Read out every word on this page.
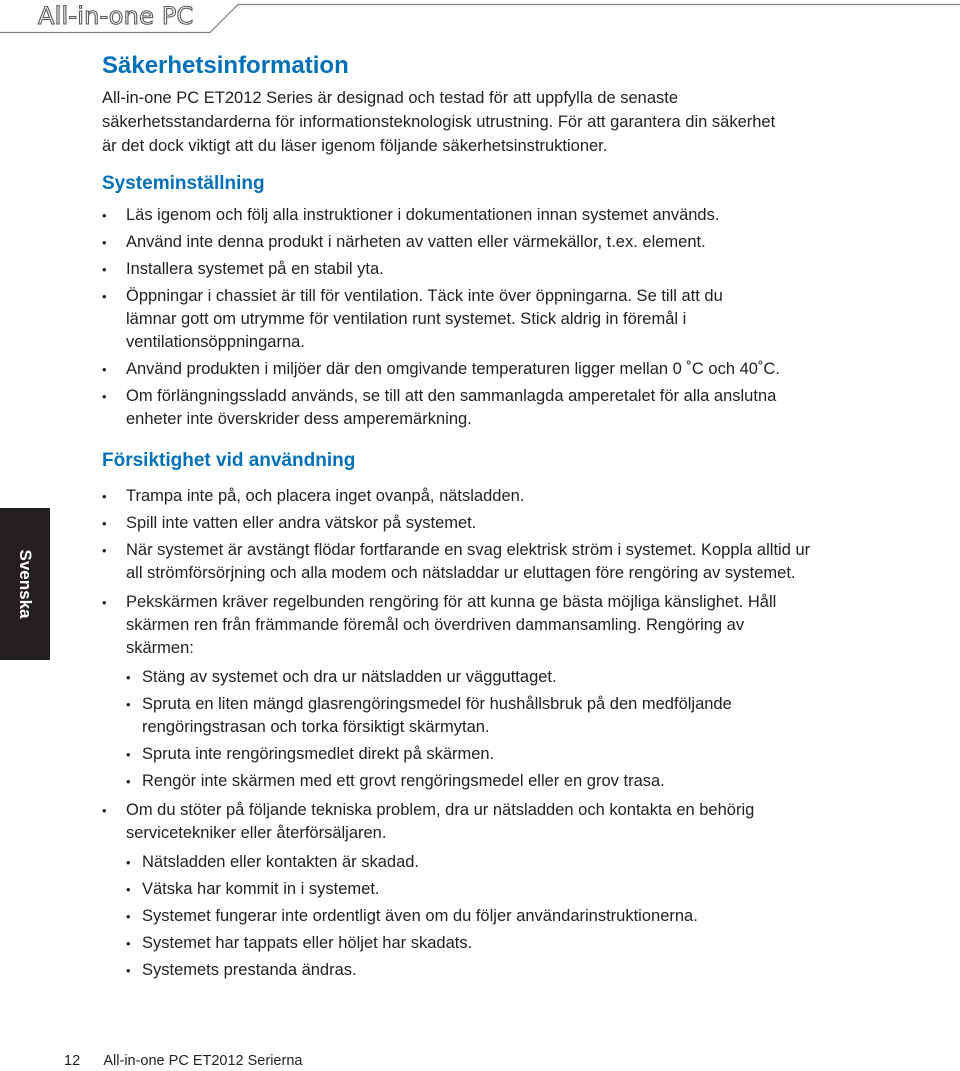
All-in-one PC
Svenska
Säkerhetsinformation

All-in-one PC ET2012 Series är designad och testad för att uppfylla de senaste
säkerhetsstandarderna för informationsteknologisk utrustning. För att garantera din säkerhet
är det dock viktigt att du läser igenom följande säkerhetsinstruktioner.

Systeminställning
• Läs igenom och följ alla instruktioner i dokumentationen innan systemet används.
• Använd inte denna produkt i närheten av vatten eller värmekällor, t.ex. element.
• Installera systemet på en stabil yta.
• Öppningar i chassiet är till för ventilation. Täck inte över öppningarna. Se till att du lämnar gott om utrymme för ventilation runt systemet. Stick aldrig in föremål i ventilationsöppningarna.
• Använd produkten i miljöer där den omgivande temperaturen ligger mellan 0 ˚C och 40˚C.
• Om förlängningssladd används, se till att den sammanlagda amperetalet för alla anslutna enheter inte överskrider dess amperemärkning.
Försiktighet vid användning
• Trampa inte på, och placera inget ovanpå, nätsladden.
• Spill inte vatten eller andra vätskor på systemet.
• När systemet är avstängt flödar fortfarande en svag elektrisk ström i systemet. Koppla alltid ur all strömförsörjning och alla modem och nätsladdar ur eluttagen före rengöring av systemet.
• Pekskärmen kräver regelbunden rengöring för att kunna ge bästa möjliga känslighet. Håll skärmen ren från främmande föremål och överdriven dammansamling. Rengöring av skärmen:
• Stäng av systemet och dra ur nätsladden ur vägguttaget.
• Spruta en liten mängd glasrengöringsmedel för hushållsbruk på den medföljande rengöringstrasan och torka försiktigt skärmytan.
• Spruta inte rengöringsmedlet direkt på skärmen.
• Rengör inte skärmen med ett grovt rengöringsmedel eller en grov trasa.
• Om du stöter på följande tekniska problem, dra ur nätsladden och kontakta en behörig servicetekniker eller återförsäljaren.
• Nätsladden eller kontakten är skadad.
• Vätska har kommit in i systemet.
• Systemet fungerar inte ordentligt även om du följer användarinstruktionerna.
• Systemet har tappats eller höljet har skadats.
• Systemets prestanda ändras.
12 All-in-one PC ET2012 Serierna
